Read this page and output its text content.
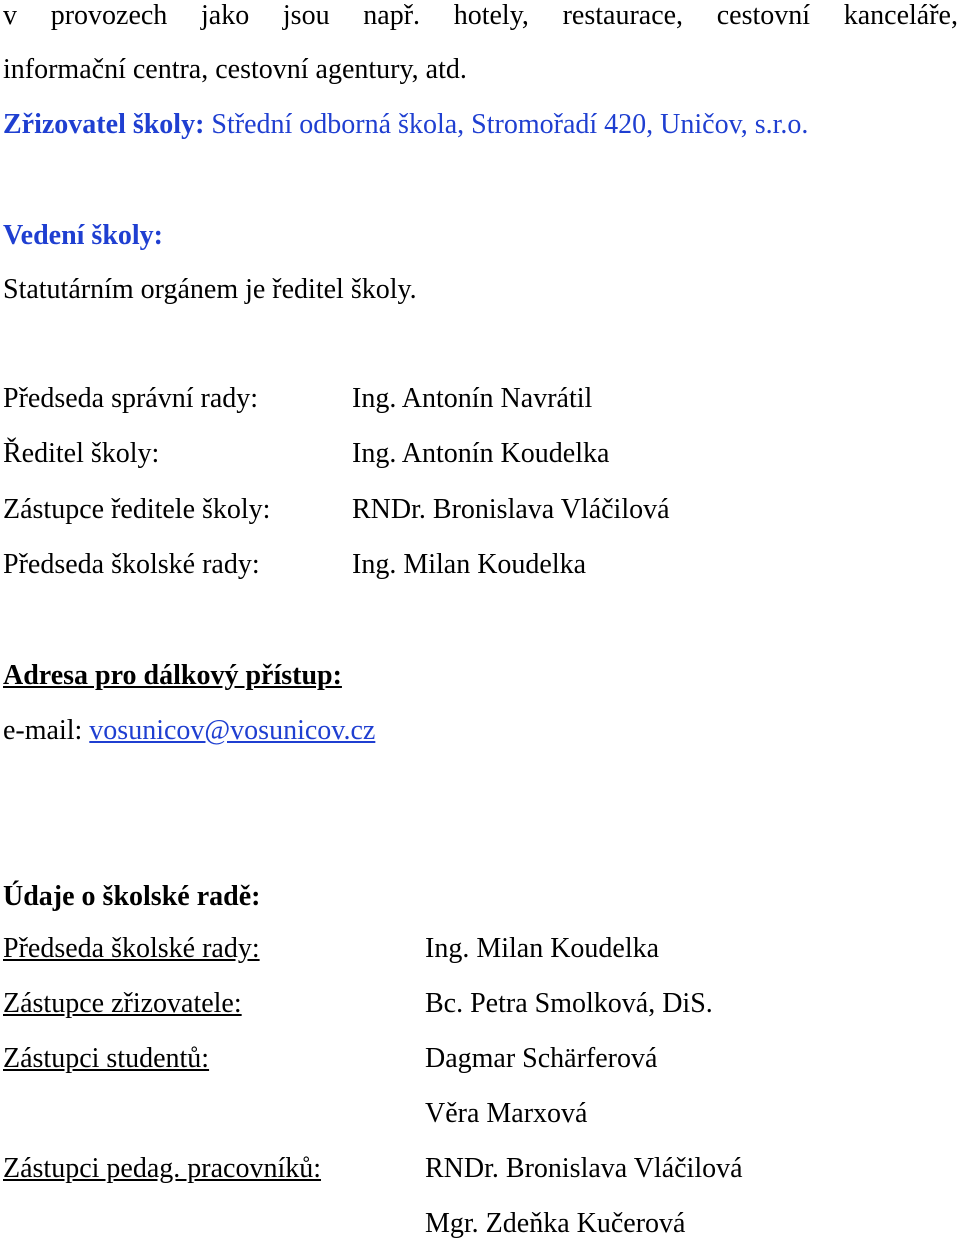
v provozech jako jsou např. hotely, restaurace, cestovní kanceláře,
informační centra, cestovní agentury, atd.
Zřizovatel školy: Střední odborná škola, Stromořadí 420, Uničov, s.r.o.
Vedení školy:
Statutárním orgánem je ředitel školy.
Předseda správní rady:	Ing. Antonín Navrátil
Ředitel školy:	Ing. Antonín Koudelka
Zástupce ředitele školy:	RNDr. Bronislava Vláčilová
Předseda školské rady:	Ing. Milan Koudelka
Adresa pro dálkový přístup:
e-mail: vosunicov@vosunicov.cz
Údaje o školské radě:
Předseda školské rady:	Ing. Milan Koudelka
Zástupce zřizovatele:	Bc. Petra Smolková, DiS.
Zástupci studentů:	Dagmar Schärferová
Věra Marxová
Zástupci pedag. pracovníků:	RNDr. Bronislava Vláčilová
Mgr. Zdeňka Kučerová
